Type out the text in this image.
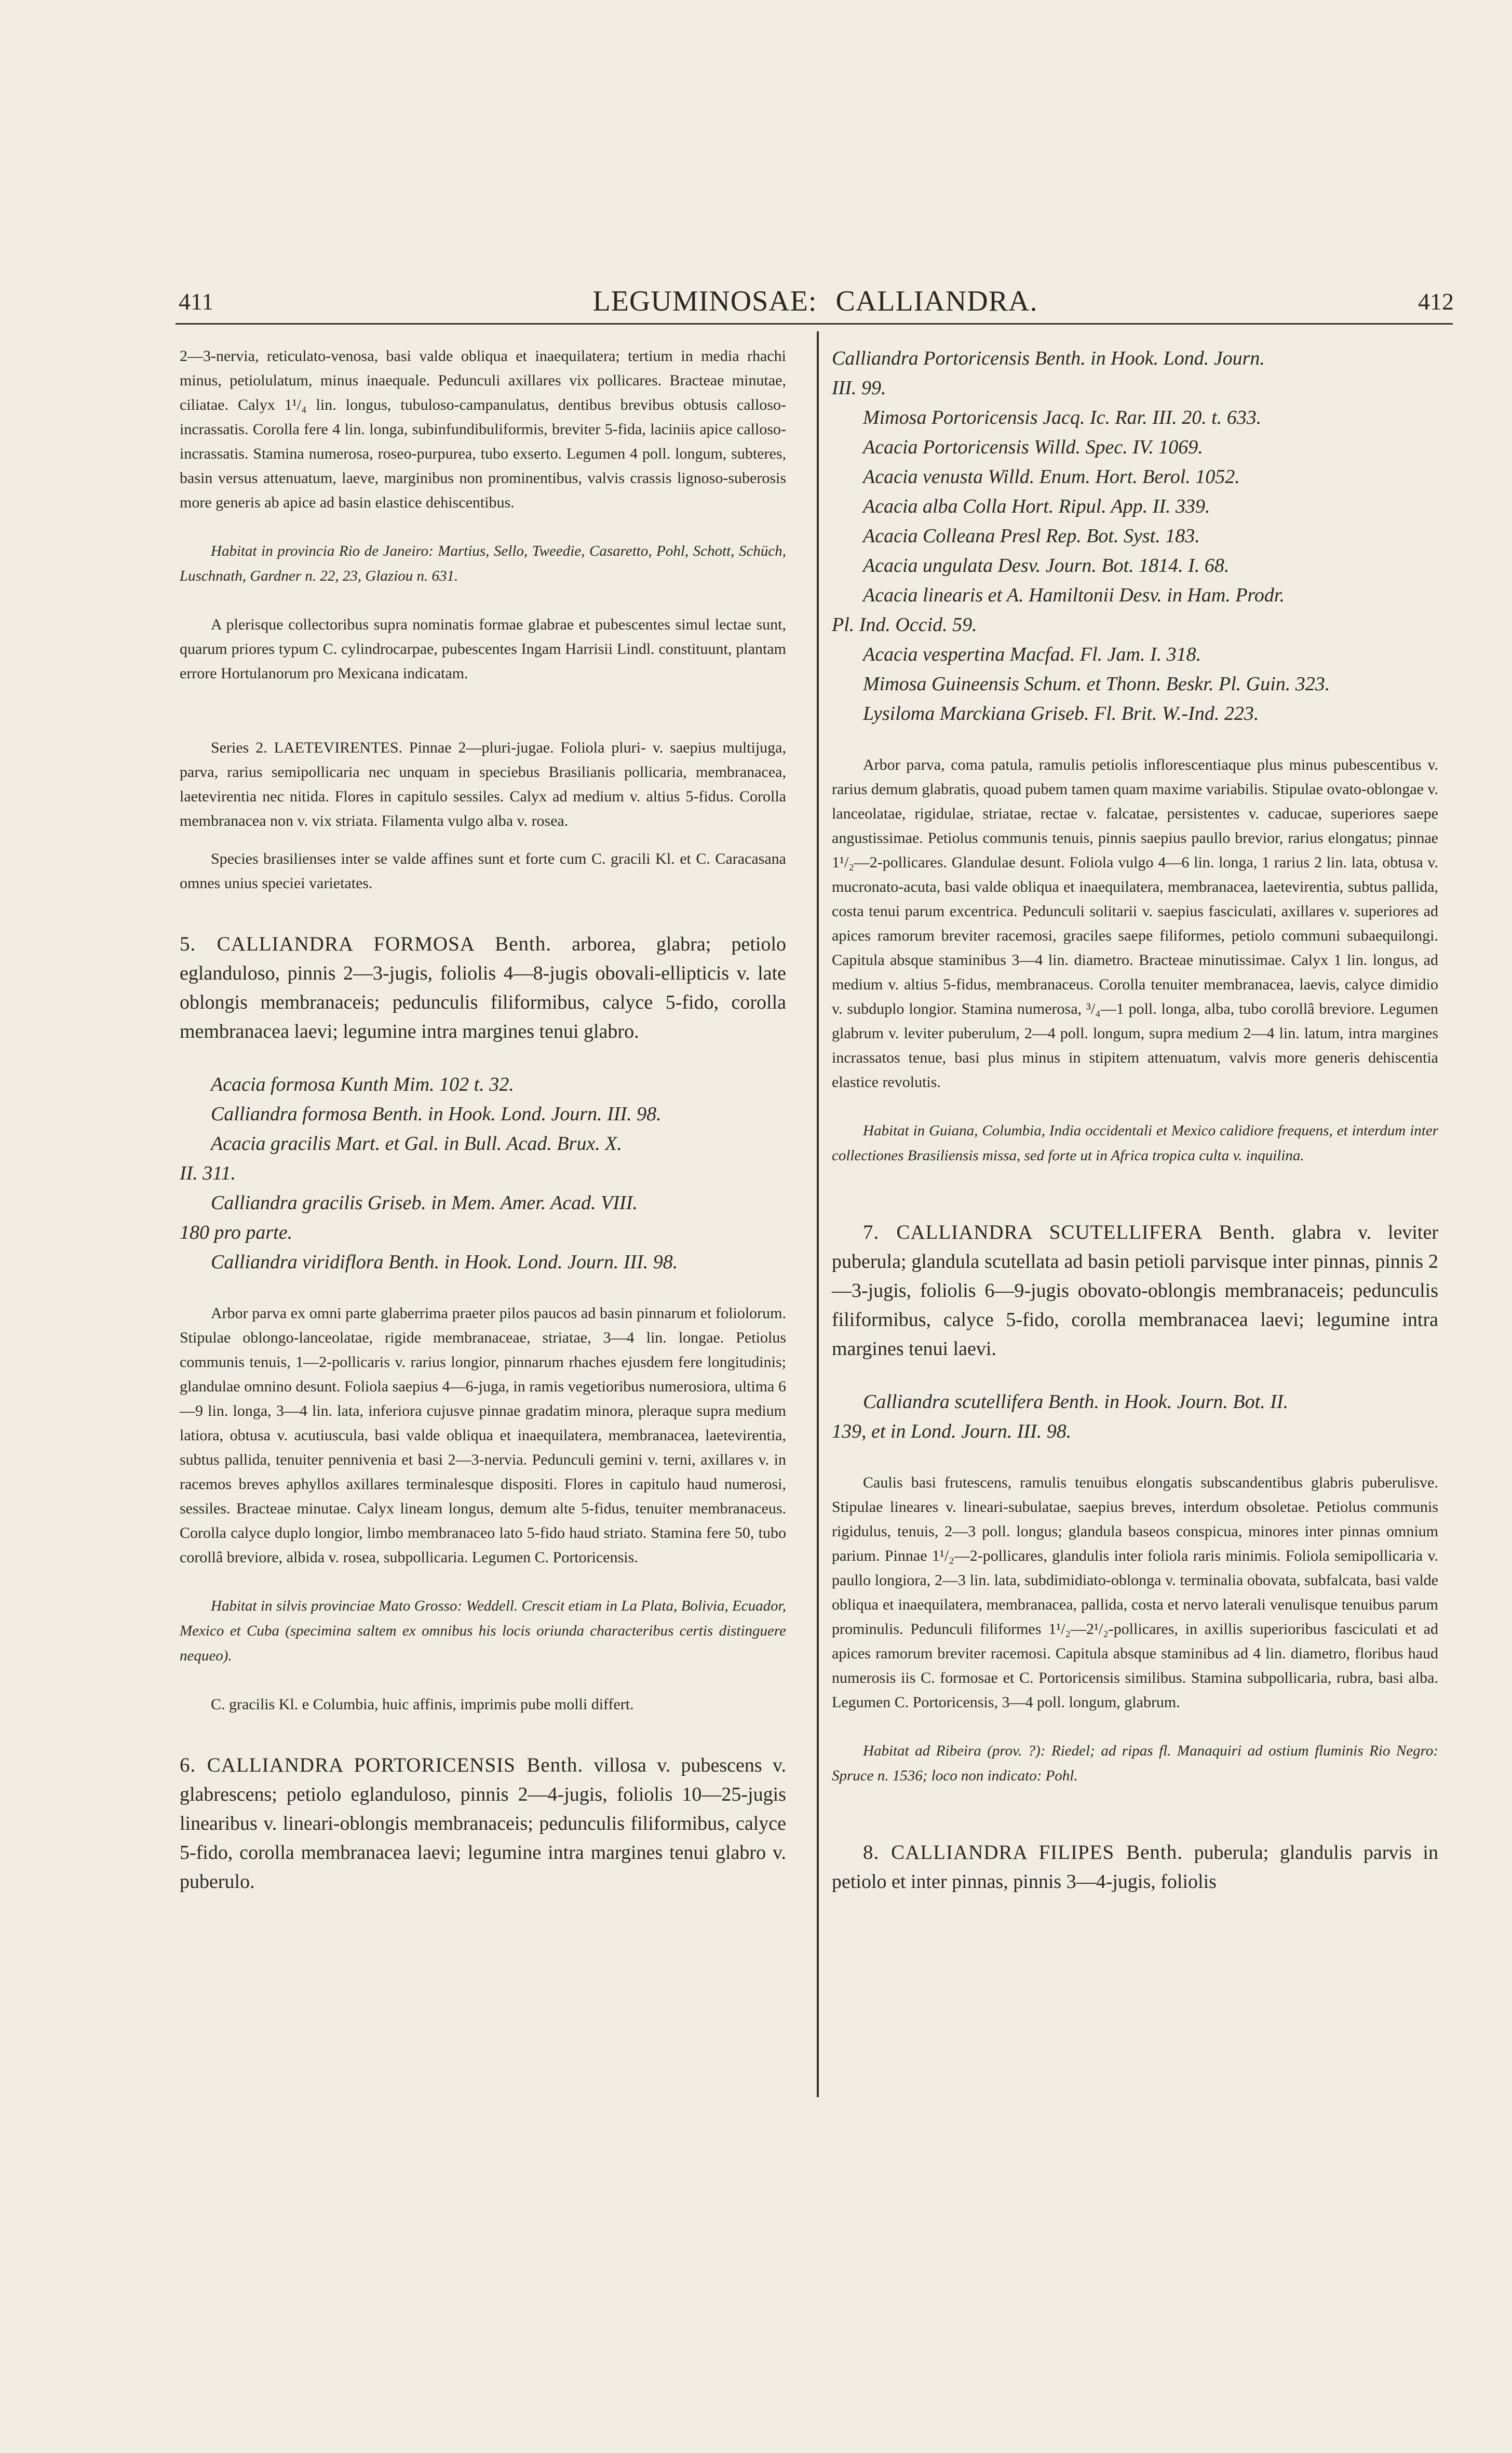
411	LEGUMINOSAE: CALLIANDRA.	412

2—3-nervia, reticulato-venosa, basi valde obliqua et inaequilatera; tertium in media rhachi minus, petiolulatum, minus inaequale. Pedunculi axillares vix pollicares. Bracteae minutae, ciliatae. Calyx 1¹/₄ lin. longus, tubuloso-campanulatus, dentibus brevibus obtusis calloso-incrassatis. Corolla fere 4 lin. longa, subinfundibuliformis, breviter 5-fida, laciniis apice calloso-incrassatis. Stamina numerosa, roseo-purpurea, tubo exserto. Legumen 4 poll. longum, subteres, basin versus attenuatum, laeve, marginibus non prominentibus, valvis crassis lignoso-suberosis more generis ab apice ad basin elastice dehiscentibus.

Habitat in provincia Rio de Janeiro: Martius, Sello, Tweedie, Casaretto, Pohl, Schott, Schüch, Luschnath, Gardner n. 22, 23, Glaziou n. 631.

A plerisque collectoribus supra nominatis formae glabrae et pubescentes simul lectae sunt, quarum priores typum C. cylindrocarpae, pubescentes Ingam Harrisii Lindl. constituunt, plantam errore Hortulanorum pro Mexicana indicatam.

Series 2. LAETEVIRENTES. Pinnae 2—pluri-jugae. Foliola pluri- v. saepius multijuga, parva, rarius semipollicaria nec unquam in speciebus Brasilianis pollicaria, membranacea, laetevirentia nec nitida. Flores in capitulo sessiles. Calyx ad medium v. altius 5-fidus. Corolla membranacea non v. vix striata. Filamenta vulgo alba v. rosea.

Species brasilienses inter se valde affines sunt et forte cum C. gracili Kl. et C. Caracasana omnes unius speciei varietates.

5. CALLIANDRA FORMOSA Benth. arborea, glabra; petiolo eglanduloso, pinnis 2—3-jugis, foliolis 4—8-jugis obovali-ellipticis v. late oblongis membranaceis; pedunculis filiformibus, calyce 5-fido, corolla membranacea laevi; legumine intra margines tenui glabro.

Acacia formosa Kunth Mim. 102 t. 32.

Calliandra formosa Benth. in Hook. Lond. Journ. III. 98.

Acacia gracilis Mart. et Gal. in Bull. Acad. Brux. X.

II. 311.

Calliandra gracilis Griseb. in Mem. Amer. Acad. VIII.

180 pro parte.

Calliandra viridiflora Benth. in Hook. Lond. Journ. III. 98.

Arbor parva ex omni parte glaberrima praeter pilos paucos ad basin pinnarum et foliolorum. Stipulae oblongo-lanceolatae, rigide membranaceae, striatae, 3—4 lin. longae. Petiolus communis tenuis, 1—2-pollicaris v. rarius longior, pinnarum rhaches ejusdem fere longitudinis; glandulae omnino desunt. Foliola saepius 4—6-juga, in ramis vegetioribus numerosiora, ultima 6—9 lin. longa, 3—4 lin. lata, inferiora cujusve pinnae gradatim minora, pleraque supra medium latiora, obtusa v. acutiuscula, basi valde obliqua et inaequilatera, membranacea, laetevirentia, subtus pallida, tenuiter pennivenia et basi 2—3-nervia. Pedunculi gemini v. terni, axillares v. in racemos breves aphyllos axillares terminalesque dispositi. Flores in capitulo haud numerosi, sessiles. Bracteae minutae. Calyx lineam longus, demum alte 5-fidus, tenuiter membranaceus. Corolla calyce duplo longior, limbo membranaceo lato 5-fido haud striato. Stamina fere 50, tubo corollâ breviore, albida v. rosea, subpollicaria. Legumen C. Portoricensis.

Habitat in silvis provinciae Mato Grosso: Weddell. Crescit etiam in La Plata, Bolivia, Ecuador, Mexico et Cuba (specimina saltem ex omnibus his locis oriunda characteribus certis distinguere nequeo).

C. gracilis Kl. e Columbia, huic affinis, imprimis pube molli differt.

6. CALLIANDRA PORTORICENSIS Benth. villosa v. pubescens v. glabrescens; petiolo eglanduloso, pinnis 2—4-jugis, foliolis 10—25-jugis linearibus v. lineari-oblongis membranaceis; pedunculis filiformibus, calyce 5-fido, corolla membranacea laevi; legumine intra margines tenui glabro v. puberulo.

Calliandra Portoricensis Benth. in Hook. Lond. Journ.

III. 99.

Mimosa Portoricensis Jacq. Ic. Rar. III. 20. t. 633.

Acacia Portoricensis Willd. Spec. IV. 1069.

Acacia venusta Willd. Enum. Hort. Berol. 1052.

Acacia alba Colla Hort. Ripul. App. II. 339.

Acacia Colleana Presl Rep. Bot. Syst. 183.

Acacia ungulata Desv. Journ. Bot. 1814. I. 68.

Acacia linearis et A. Hamiltonii Desv. in Ham. Prodr.

Pl. Ind. Occid. 59.

Acacia vespertina Macfad. Fl. Jam. I. 318.

Mimosa Guineensis Schum. et Thonn. Beskr. Pl. Guin. 323.

Lysiloma Marckiana Griseb. Fl. Brit. W.-Ind. 223.

Arbor parva, coma patula, ramulis petiolis inflorescentiaque plus minus pubescentibus v. rarius demum glabratis, quoad pubem tamen quam maxime variabilis. Stipulae ovato-oblongae v. lanceolatae, rigidulae, striatae, rectae v. falcatae, persistentes v. caducae, superiores saepe angustissimae. Petiolus communis tenuis, pinnis saepius paullo brevior, rarius elongatus; pinnae 1¹/₂—2-pollicares. Glandulae desunt. Foliola vulgo 4—6 lin. longa, 1 rarius 2 lin. lata, obtusa v. mucronato-acuta, basi valde obliqua et inaequilatera, membranacea, laetevirentia, subtus pallida, costa tenui parum excentrica. Pedunculi solitarii v. saepius fasciculati, axillares v. superiores ad apices ramorum breviter racemosi, graciles saepe filiformes, petiolo communi subaequilongi. Capitula absque staminibus 3—4 lin. diametro. Bracteae minutissimae. Calyx 1 lin. longus, ad medium v. altius 5-fidus, membranaceus. Corolla tenuiter membranacea, laevis, calyce dimidio v. subduplo longior. Stamina numerosa, ³/₄—1 poll. longa, alba, tubo corollâ breviore. Legumen glabrum v. leviter puberulum, 2—4 poll. longum, supra medium 2—4 lin. latum, intra margines incrassatos tenue, basi plus minus in stipitem attenuatum, valvis more generis dehiscentia elastice revolutis.

Habitat in Guiana, Columbia, India occidentali et Mexico calidiore frequens, et interdum inter collectiones Brasiliensis missa, sed forte ut in Africa tropica culta v. inquilina.

7. CALLIANDRA SCUTELLIFERA Benth. glabra v. leviter puberula; glandula scutellata ad basin petioli parvisque inter pinnas, pinnis 2—3-jugis, foliolis 6—9-jugis obovato-oblongis membranaceis; pedunculis filiformibus, calyce 5-fido, corolla membranacea laevi; legumine intra margines tenui laevi.

Calliandra scutellifera Benth. in Hook. Journ. Bot. II.

139, et in Lond. Journ. III. 98.

Caulis basi frutescens, ramulis tenuibus elongatis subscandentibus glabris puberulisve. Stipulae lineares v. lineari-subulatae, saepius breves, interdum obsoletae. Petiolus communis rigidulus, tenuis, 2—3 poll. longus; glandula baseos conspicua, minores inter pinnas omnium parium. Pinnae 1¹/₂—2-pollicares, glandulis inter foliola raris minimis. Foliola semipollicaria v. paullo longiora, 2—3 lin. lata, subdimidiato-oblonga v. terminalia obovata, subfalcata, basi valde obliqua et inaequilatera, membranacea, pallida, costa et nervo laterali venulisque tenuibus parum prominulis. Pedunculi filiformes 1¹/₂—2¹/₂-pollicares, in axillis superioribus fasciculati et ad apices ramorum breviter racemosi. Capitula absque staminibus ad 4 lin. diametro, floribus haud numerosis iis C. formosae et C. Portoricensis similibus. Stamina subpollicaria, rubra, basi alba. Legumen C. Portoricensis, 3—4 poll. longum, glabrum.

Habitat ad Ribeira (prov. ?): Riedel; ad ripas fl. Manaquiri ad ostium fluminis Rio Negro: Spruce n. 1536; loco non indicato: Pohl.

8. CALLIANDRA FILIPES Benth. puberula; glandulis parvis in petiolo et inter pinnas, pinnis 3—4-jugis, foliolis
